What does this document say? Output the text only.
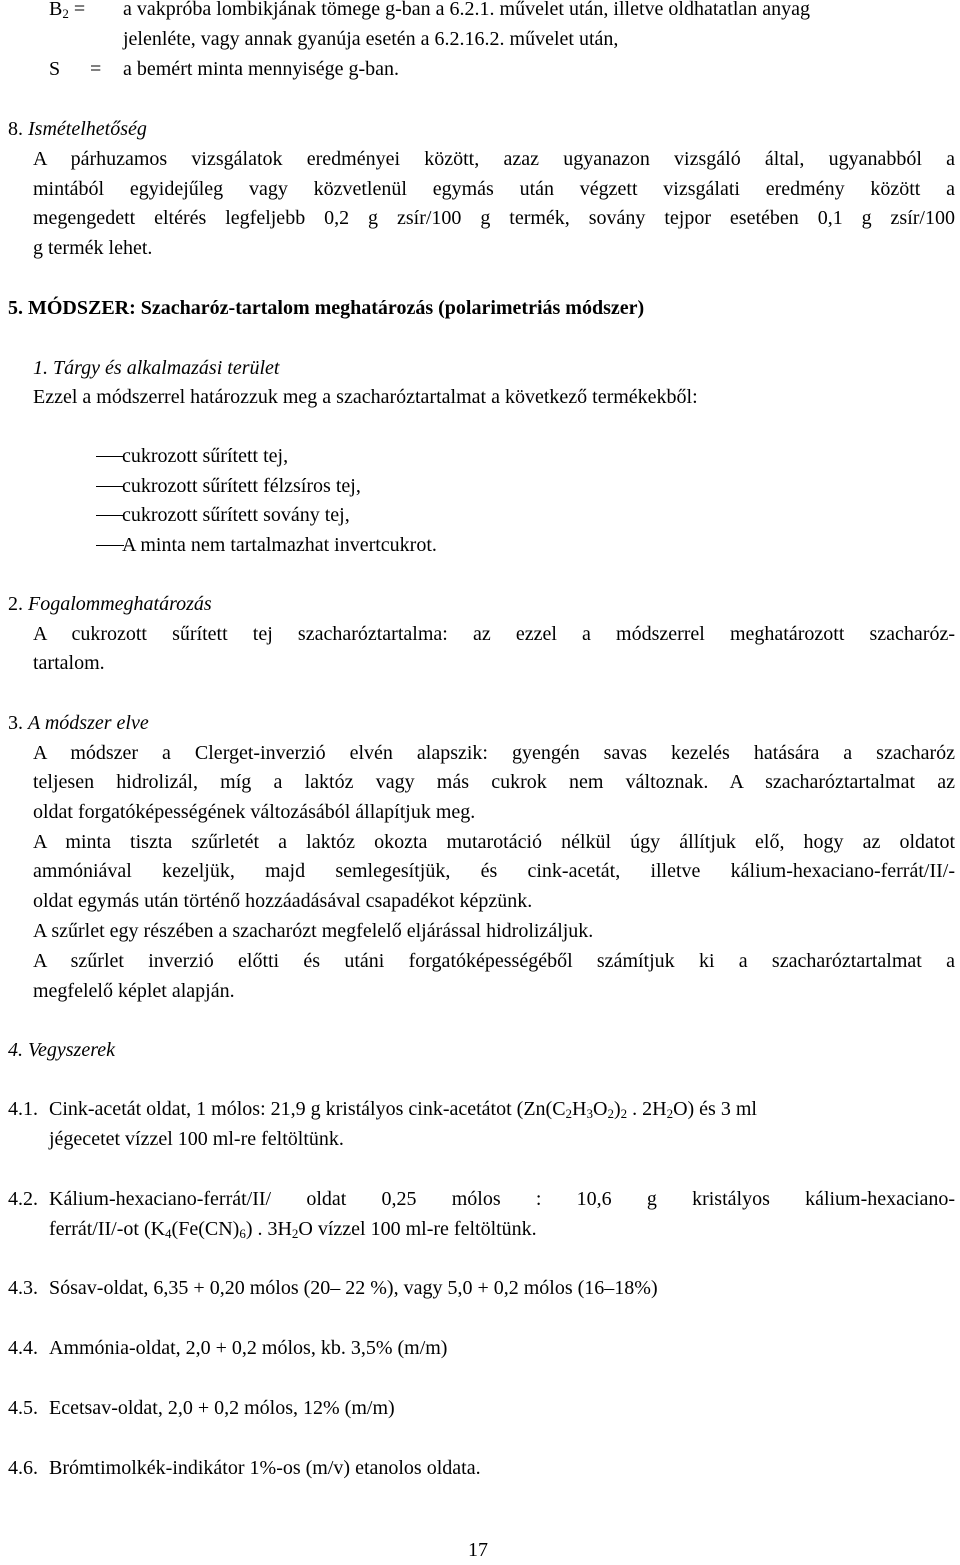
$B_2 = a$ vakpróba lombikjának tömege g-ban a 6.2.1. művelet után, illetve oldhatatlan anyag
jelenléte, vagy annak gyanúja esetén a 6.2.16.2. művelet után,
S = a bemért minta mennyisége g-ban.
8. Ismételhetőség
A párhuzamos vizsgálatok eredményei között, azaz ugyanazon vizsgáló által, ugyanabból a
mintából egyidejűleg vagy közvetlenül egymás után végzett vizsgálati eredmény között a
megengedett eltérés legfeljebb 0,2 g zsír/100 g termék, sovány tejpor esetében 0,1 g zsír/100
g termék lehet.
5. MÓDSZER: Szacharóz-tartalom meghatározás (polarimetriás módszer)
1. Tárgy és alkalmazási terület
Ezzel a módszerrel határozzuk meg a szacharóztartalmat a következő termékekből:
cukrozott sűrített tej,
cukrozott sűrített félzsíros tej,
cukrozott sűrített sovány tej,
A minta nem tartalmazhat invertcukrot.
2. Fogalommeghatározás
A cukrozott sűrített tej szacharóztartalma: az ezzel a módszerrel meghatározott szacharóz-
tartalom.
3. A módszer elve
A módszer a Clerget-inverzió elvén alapszik: gyengén savas kezelés hatására a szacharóz
teljesen hidrolizál, míg a laktóz vagy más cukrok nem változnak. A szacharóztartalmat az
oldat forgatóképességének változásából állapítjuk meg.
A minta tiszta szűrletét a laktóz okozta mutarotáció nélkül úgy állítjuk elő, hogy az oldatot
ammóniával kezeljük, majd semlegesítjük, és cink-acetát, illetve kálium-hexaciano-ferrát/II/-
oldat egymás után történő hozzáadásával csapadékot képzünk.
A szűrlet egy részében a szacharózt megfelelő eljárással hidrolizáljuk.
A szűrlet inverzió előtti és utáni forgatóképességéből számítjuk ki a szacharóztartalmat a
megfelelő képlet alapján.
4. Vegyszerek
4.1. Cink-acetát oldat, 1 mólos: 21,9 g kristályos cink-acetátot ($Zn(C_2H_3O_2)_2$ . $2H_2O$) és 3 ml
jégecetet vízzel 100 ml-re feltöltünk.
4.2. Kálium-hexaciano-ferrát/II/ oldat 0,25 mólos : 10,6 g kristályos kálium-hexaciano-
ferrát/II/-ot ($K_4(Fe(CN)_6)$ . $3H_2O$ vízzel 100 ml-re feltöltünk.
4.3. Sósav-oldat, 6,35 + 0,20 mólos (20– 22 %), vagy 5,0 + 0,2 mólos (16–18%)
4.4. Ammónia-oldat, 2,0 + 0,2 mólos, kb. 3,5% (m/m)
4.5. Ecetsav-oldat, 2,0 + 0,2 mólos, 12% (m/m)
4.6. Brómtimolkék-indikátor 1%-os (m/v) etanolos oldata.
17
